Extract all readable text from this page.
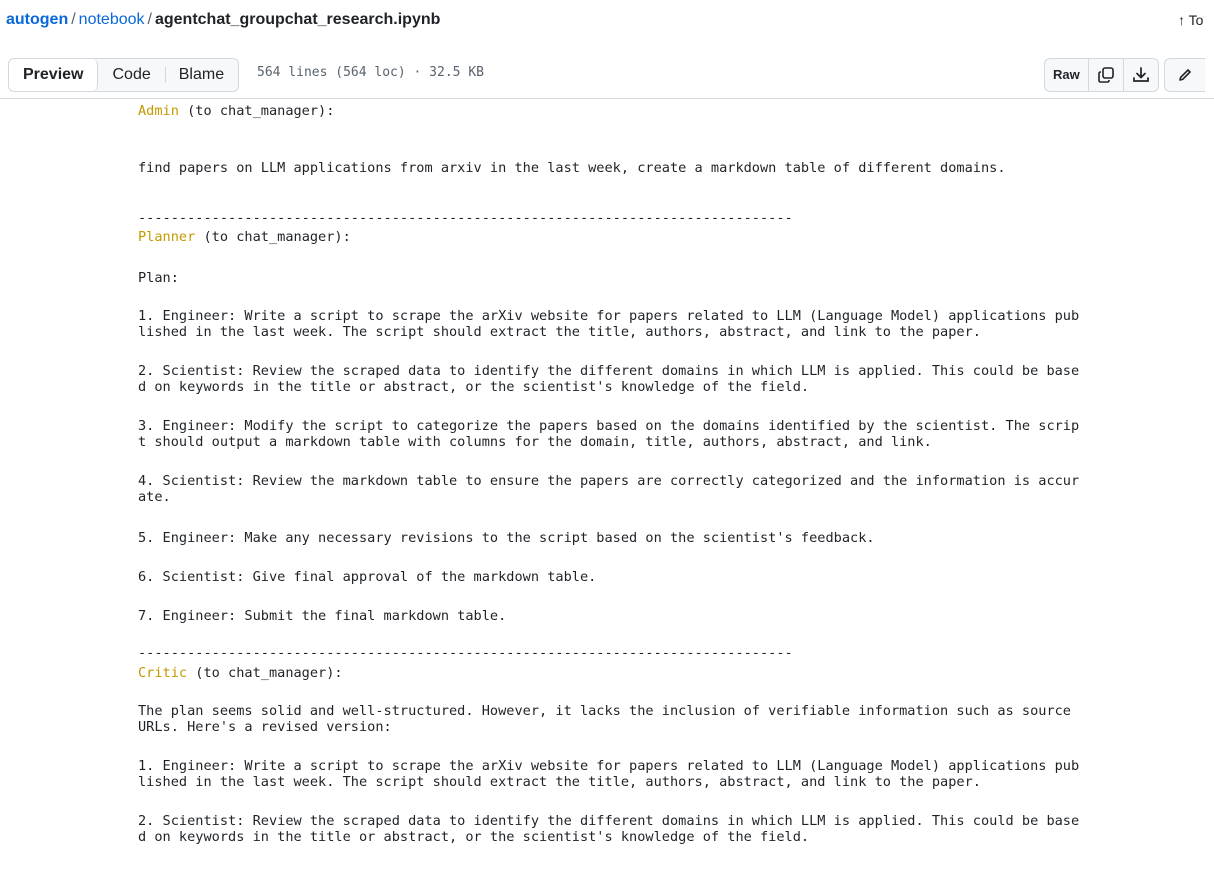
autogen / notebook / agentchat_groupchat_research.ipynb	↑ To
Preview	Code	Blame	564 lines (564 loc) · 32.5 KB	Raw

Admin (to chat_manager):

find papers on LLM applications from arxiv in the last week, create a markdown table of different domains.

--------------------------------------------------------------------------------

Planner (to chat_manager):

Plan:

1. Engineer: Write a script to scrape the arXiv website for papers related to LLM (Language Model) applications pub

lished in the last week. The script should extract the title, authors, abstract, and link to the paper.

2. Scientist: Review the scraped data to identify the different domains in which LLM is applied. This could be base

d on keywords in the title or abstract, or the scientist's knowledge of the field.

3. Engineer: Modify the script to categorize the papers based on the domains identified by the scientist. The scrip

t should output a markdown table with columns for the domain, title, authors, abstract, and link.

4. Scientist: Review the markdown table to ensure the papers are correctly categorized and the information is accur

ate.

5. Engineer: Make any necessary revisions to the script based on the scientist's feedback.

6. Scientist: Give final approval of the markdown table.

7. Engineer: Submit the final markdown table.

--------------------------------------------------------------------------------

Critic (to chat_manager):

The plan seems solid and well-structured. However, it lacks the inclusion of verifiable information such as source

URLs. Here's a revised version:

1. Engineer: Write a script to scrape the arXiv website for papers related to LLM (Language Model) applications pub

lished in the last week. The script should extract the title, authors, abstract, and link to the paper.

2. Scientist: Review the scraped data to identify the different domains in which LLM is applied. This could be base

d on keywords in the title or abstract, or the scientist's knowledge of the field.
